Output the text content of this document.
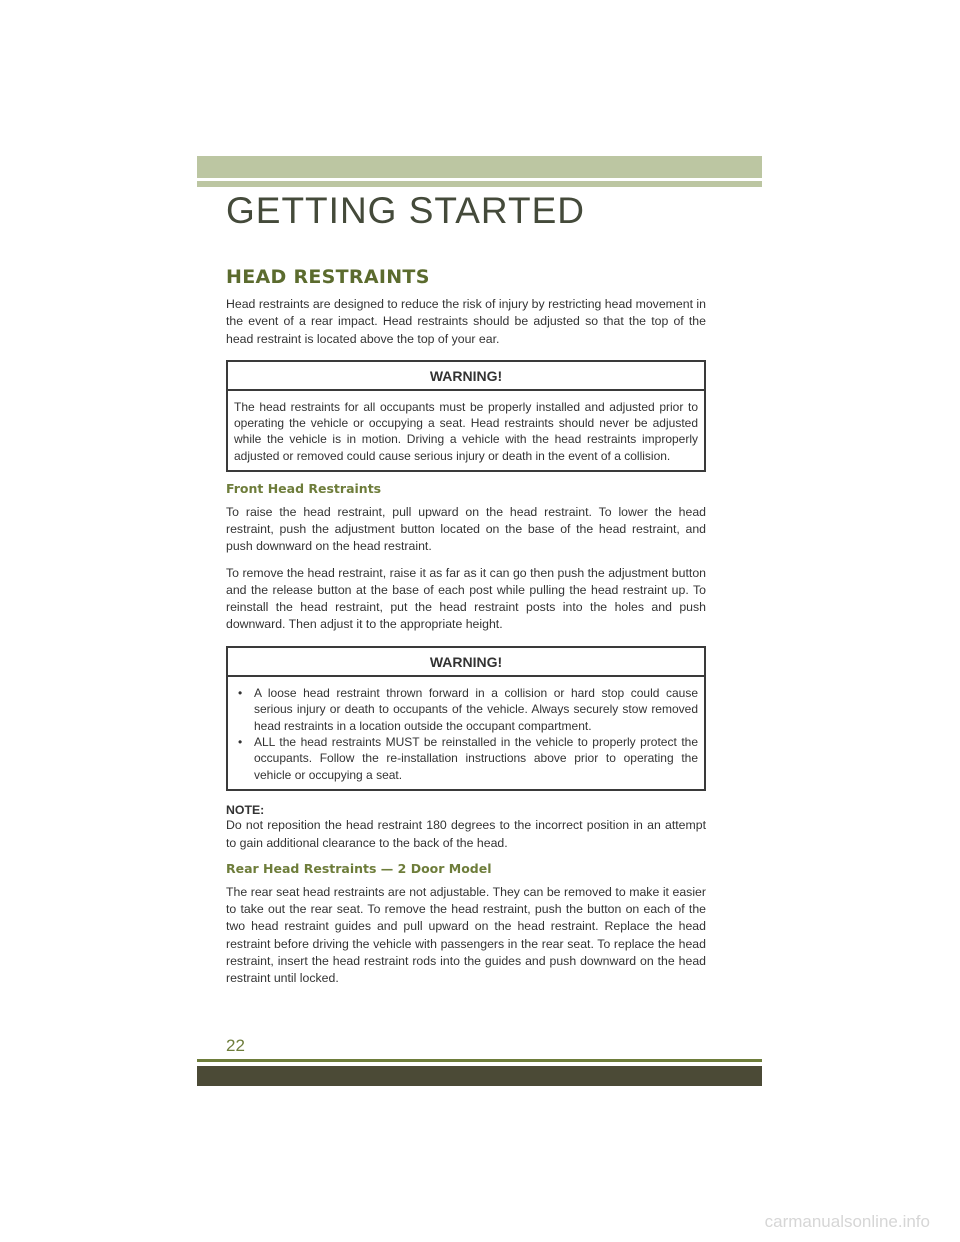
GETTING STARTED
HEAD RESTRAINTS

Head restraints are designed to reduce the risk of injury by restricting head movement in the event of a rear impact. Head restraints should be adjusted so that the top of the head restraint is located above the top of your ear.

WARNING!

The head restraints for all occupants must be properly installed and adjusted prior to operating the vehicle or occupying a seat. Head restraints should never be adjusted while the vehicle is in motion. Driving a vehicle with the head restraints improperly adjusted or removed could cause serious injury or death in the event of a collision.

Front Head Restraints

To raise the head restraint, pull upward on the head restraint. To lower the head restraint, push the adjustment button located on the base of the head restraint, and push downward on the head restraint.

To remove the head restraint, raise it as far as it can go then push the adjustment button and the release button at the base of each post while pulling the head restraint up. To reinstall the head restraint, put the head restraint posts into the holes and push downward. Then adjust it to the appropriate height.

WARNING!
• A loose head restraint thrown forward in a collision or hard stop could cause serious injury or death to occupants of the vehicle. Always securely stow removed head restraints in a location outside the occupant compartment.
• ALL the head restraints MUST be reinstalled in the vehicle to properly protect the occupants. Follow the re-installation instructions above prior to operating the vehicle or occupying a seat.
NOTE:

Do not reposition the head restraint 180 degrees to the incorrect position in an attempt to gain additional clearance to the back of the head.

Rear Head Restraints — 2 Door Model

The rear seat head restraints are not adjustable. They can be removed to make it easier to take out the rear seat. To remove the head restraint, push the button on each of the two head restraint guides and pull upward on the head restraint. Replace the head restraint before driving the vehicle with passengers in the rear seat. To replace the head restraint, insert the head restraint rods into the guides and push downward on the head restraint until locked.

22
carmanualsonline.info
